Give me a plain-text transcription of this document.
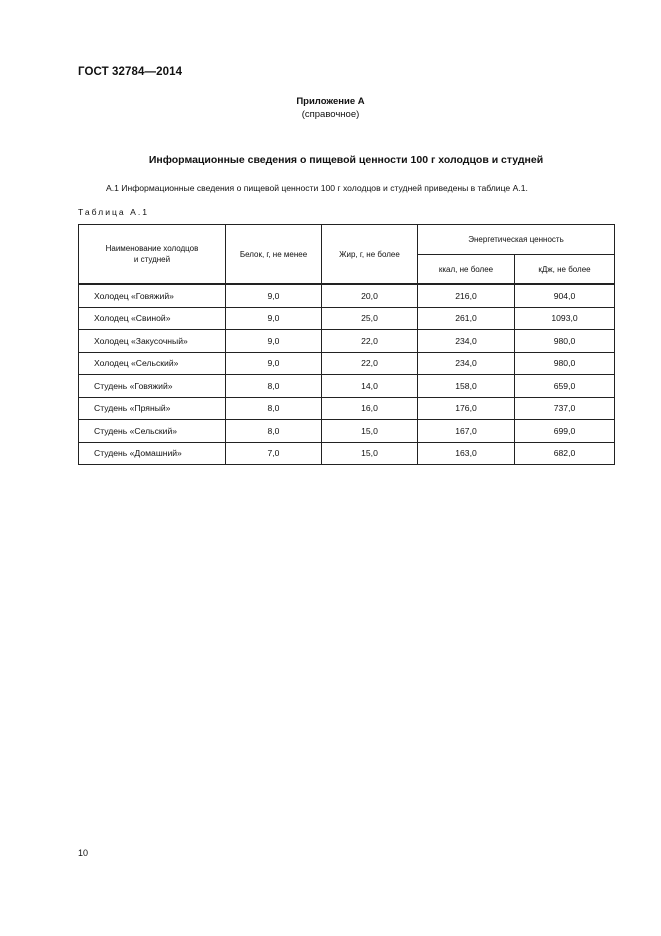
ГОСТ 32784—2014
Приложение А
(справочное)
Информационные сведения о пищевой ценности 100 г холодцов и студней
А.1 Информационные сведения о пищевой ценности 100 г холодцов и студней приведены в таблице А.1.
Таблица А.1
Наименование холодцов
и студней	Белок, г, не менее	Жир, г, не более	Энергетическая ценность	
			ккал, не более	кДж, не более
Холодец «Говяжий»	9,0	20,0	216,0	904,0
Холодец «Свиной»	9,0	25,0	261,0	1093,0
Холодец «Закусочный»	9,0	22,0	234,0	980,0
Холодец «Сельский»	9,0	22,0	234,0	980,0
Студень «Говяжий»	8,0	14,0	158,0	659,0
Студень «Пряный»	8,0	16,0	176,0	737,0
Студень «Сельский»	8,0	15,0	167,0	699,0
Студень «Домашний»	7,0	15,0	163,0	682,0
10
